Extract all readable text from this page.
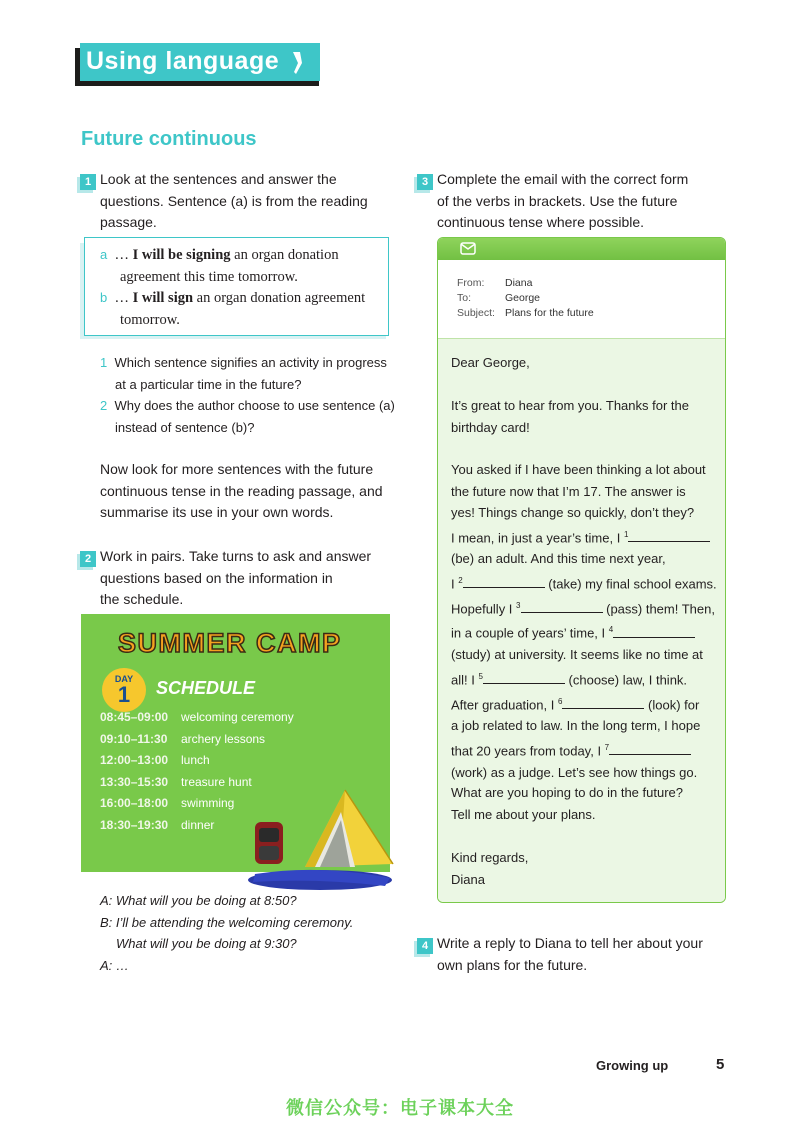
Using language
Future continuous
1 Look at the sentences and answer the
questions. Sentence (a) is from the reading
passage.
a … I will be signing an organ donation
agreement this time tomorrow.
b … I will sign an organ donation agreement
tomorrow.
1 Which sentence signifies an activity in progress
at a particular time in the future?
2 Why does the author choose to use sentence (a)
instead of sentence (b)?
Now look for more sentences with the future
continuous tense in the reading passage, and
summarise its use in your own words.
2 Work in pairs. Take turns to ask and answer
questions based on the information in
the schedule.
SUMMER CAMP
DAY
1	SCHEDULE
08:45–09:00 welcoming ceremony
09:10–11:30 archery lessons
12:00–13:00 lunch
13:30–15:30 treasure hunt
16:00–18:00 swimming
18:30–19:30 dinner
A: What will you be doing at 8:50?
B: I’ll be attending the welcoming ceremony.
What will you be doing at 9:30?
A: …
3 Complete the email with the correct form
of the verbs in brackets. Use the future
continuous tense where possible.
From: Diana
To:	George
Subject: Plans for the future
Dear George,
It’s great to hear from you. Thanks for the
birthday card!
You asked if I have been thinking a lot about
the future now that I’m 17. The answer is
yes! Things change so quickly, don’t they?
I mean, in just a year’s time, I $^1$
(be) an adult. And this time next year,
I $^2$	(take) my final school exams.
Hopefully I $^3$	(pass) them! Then,
in a couple of years’ time, I $^4$
(study) at university. It seems like no time at
all! I $^5$	(choose) law, I think.
After graduation, I $^6$	(look) for
a job related to law. In the long term, I hope
that 20 years from today, I $^7$
(work) as a judge. Let’s see how things go.
What are you hoping to do in the future?
Tell me about your plans.
Kind regards,
Diana
4 Write a reply to Diana to tell her about your
own plans for the future.
Growing up	5
微信公众号：电子课本大全
